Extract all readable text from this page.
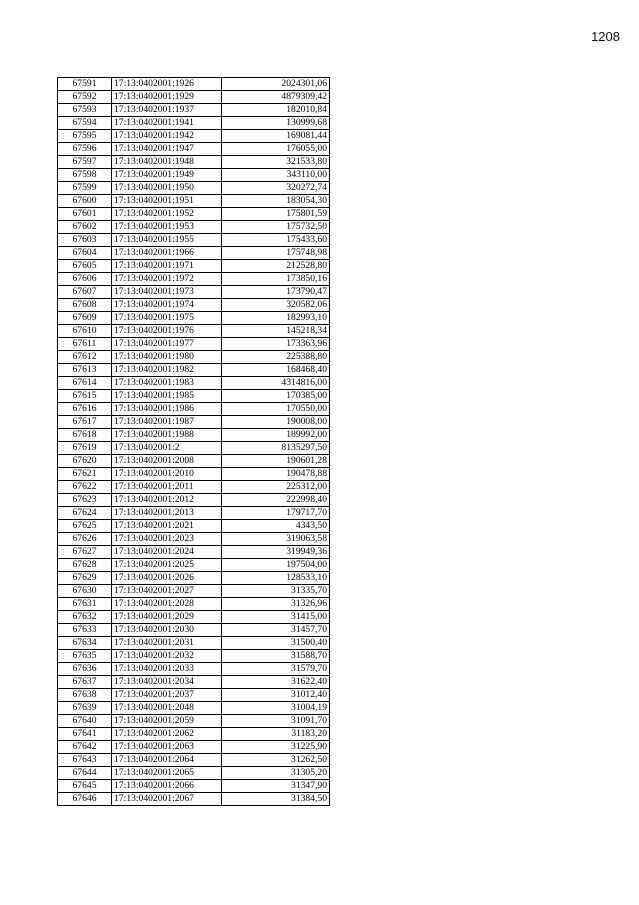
1208
67591	17:13:0402001:1926	2024301,06
67592	17:13:0402001:1929	4879309,42
67593	17:13:0402001:1937	182010,84
67594	17:13:0402001:1941	130999,68
67595	17:13:0402001:1942	169081,44
67596	17:13:0402001:1947	176055,00
67597	17:13:0402001:1948	321533,80
67598	17:13:0402001:1949	343110,00
67599	17:13:0402001:1950	320272,74
67600	17:13:0402001:1951	183054,30
67601	17:13:0402001:1952	175801,59
67602	17:13:0402001:1953	175732,50
67603	17:13:0402001:1955	175433,60
67604	17:13:0402001:1966	175748,98
67605	17:13:0402001:1971	212528,80
67606	17:13:0402001:1972	173850,16
67607	17:13:0402001:1973	173790,47
67608	17:13:0402001:1974	320582,06
67609	17:13:0402001:1975	182993,10
67610	17:13:0402001:1976	145218,34
67611	17:13:0402001:1977	173363,96
67612	17:13:0402001:1980	225388,80
67613	17:13:0402001:1982	168468,40
67614	17:13:0402001:1983	4314816,00
67615	17:13:0402001:1985	170385,00
67616	17:13:0402001:1986	170550,00
67617	17:13:0402001:1987	190008,00
67618	17:13:0402001:1988	189992,00
67619	17:13:0402001:2	8135297,50
67620	17:13:0402001:2008	190601,28
67621	17:13:0402001:2010	190478,88
67622	17:13:0402001:2011	225312,00
67623	17:13:0402001:2012	222998,40
67624	17:13:0402001:2013	179717,70
67625	17:13:0402001:2021	4343,50
67626	17:13:0402001:2023	319063,58
67627	17:13:0402001:2024	319949,36
67628	17:13:0402001:2025	197504,00
67629	17:13:0402001:2026	128533,10
67630	17:13:0402001:2027	31335,70
67631	17:13:0402001:2028	31326,96
67632	17:13:0402001:2029	31415,00
67633	17:13:0402001:2030	31457,70
67634	17:13:0402001:2031	31500,40
67635	17:13:0402001:2032	31588,70
67636	17:13:0402001:2033	31579,70
67637	17:13:0402001:2034	31622,40
67638	17:13:0402001:2037	31012,40
67639	17:13:0402001:2048	31004,19
67640	17:13:0402001:2059	31091,70
67641	17:13:0402001:2062	31183,20
67642	17:13:0402001:2063	31225,90
67643	17:13:0402001:2064	31262,50
67644	17:13:0402001:2065	31305,20
67645	17:13:0402001:2066	31347,90
67646	17:13:0402001:2067	31384,50
